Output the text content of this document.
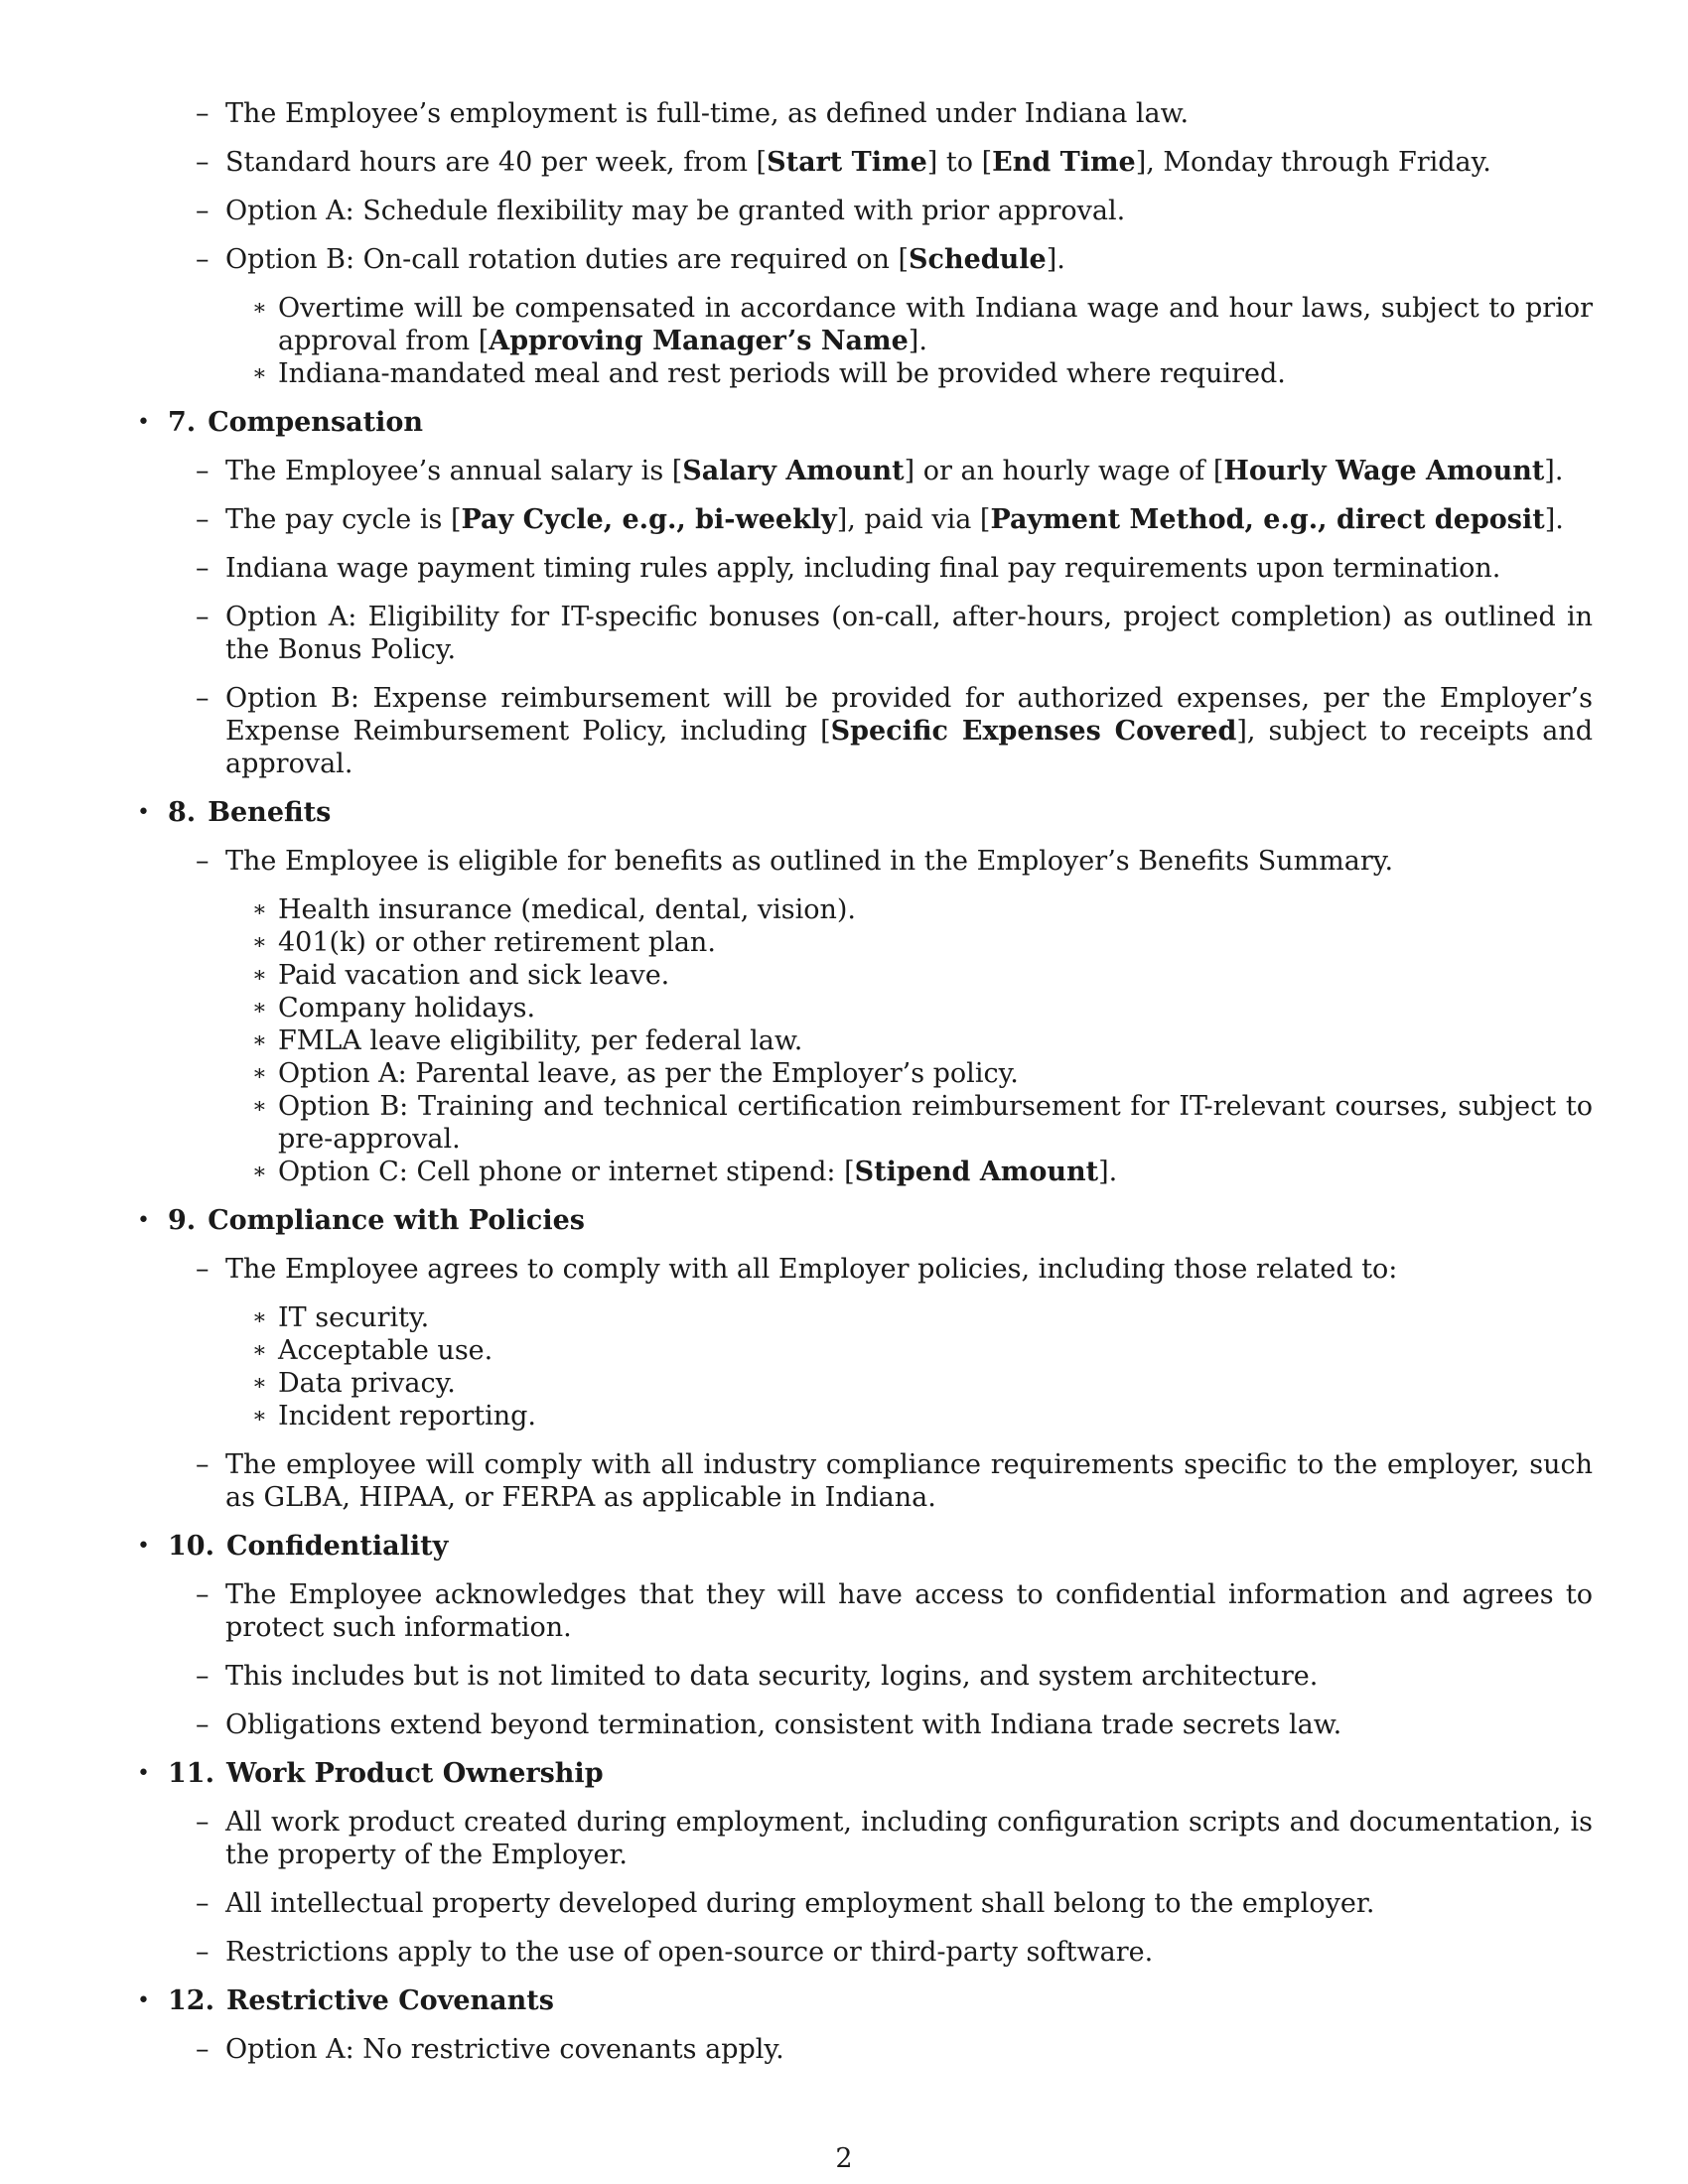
– The Employee’s employment is full-time, as defined under Indiana law.
– Standard hours are 40 per week, from [Start Time] to [End Time], Monday through Friday.
– Option A: Schedule flexibility may be granted with prior approval.
– Option B: On-call rotation duties are required on [Schedule].
∗ Overtime will be compensated in accordance with Indiana wage and hour laws, subject to prior approval from [Approving Manager’s Name].
∗ Indiana-mandated meal and rest periods will be provided where required.
• 7. Compensation
– The Employee’s annual salary is [Salary Amount] or an hourly wage of [Hourly Wage Amount].
– The pay cycle is [Pay Cycle, e.g., bi-weekly], paid via [Payment Method, e.g., direct deposit].
– Indiana wage payment timing rules apply, including final pay requirements upon termination.
– Option A: Eligibility for IT-specific bonuses (on-call, after-hours, project completion) as outlined in the Bonus Policy.
– Option B: Expense reimbursement will be provided for authorized expenses, per the Employer’s Expense Reimbursement Policy, including [Specific Expenses Covered], subject to receipts and approval.
• 8. Benefits
– The Employee is eligible for benefits as outlined in the Employer’s Benefits Summary.
∗ Health insurance (medical, dental, vision).
∗ 401(k) or other retirement plan.
∗ Paid vacation and sick leave.
∗ Company holidays.
∗ FMLA leave eligibility, per federal law.
∗ Option A: Parental leave, as per the Employer’s policy.
∗ Option B: Training and technical certification reimbursement for IT-relevant courses, subject to pre-approval.
∗ Option C: Cell phone or internet stipend: [Stipend Amount].
• 9. Compliance with Policies
– The Employee agrees to comply with all Employer policies, including those related to:
∗ IT security.
∗ Acceptable use.
∗ Data privacy.
∗ Incident reporting.
– The employee will comply with all industry compliance requirements specific to the employer, such as GLBA, HIPAA, or FERPA as applicable in Indiana.
• 10. Confidentiality
– The Employee acknowledges that they will have access to confidential information and agrees to protect such information.
– This includes but is not limited to data security, logins, and system architecture.
– Obligations extend beyond termination, consistent with Indiana trade secrets law.
• 11. Work Product Ownership
– All work product created during employment, including configuration scripts and documentation, is the property of the Employer.
– All intellectual property developed during employment shall belong to the employer.
– Restrictions apply to the use of open-source or third-party software.
• 12. Restrictive Covenants
– Option A: No restrictive covenants apply.
2
